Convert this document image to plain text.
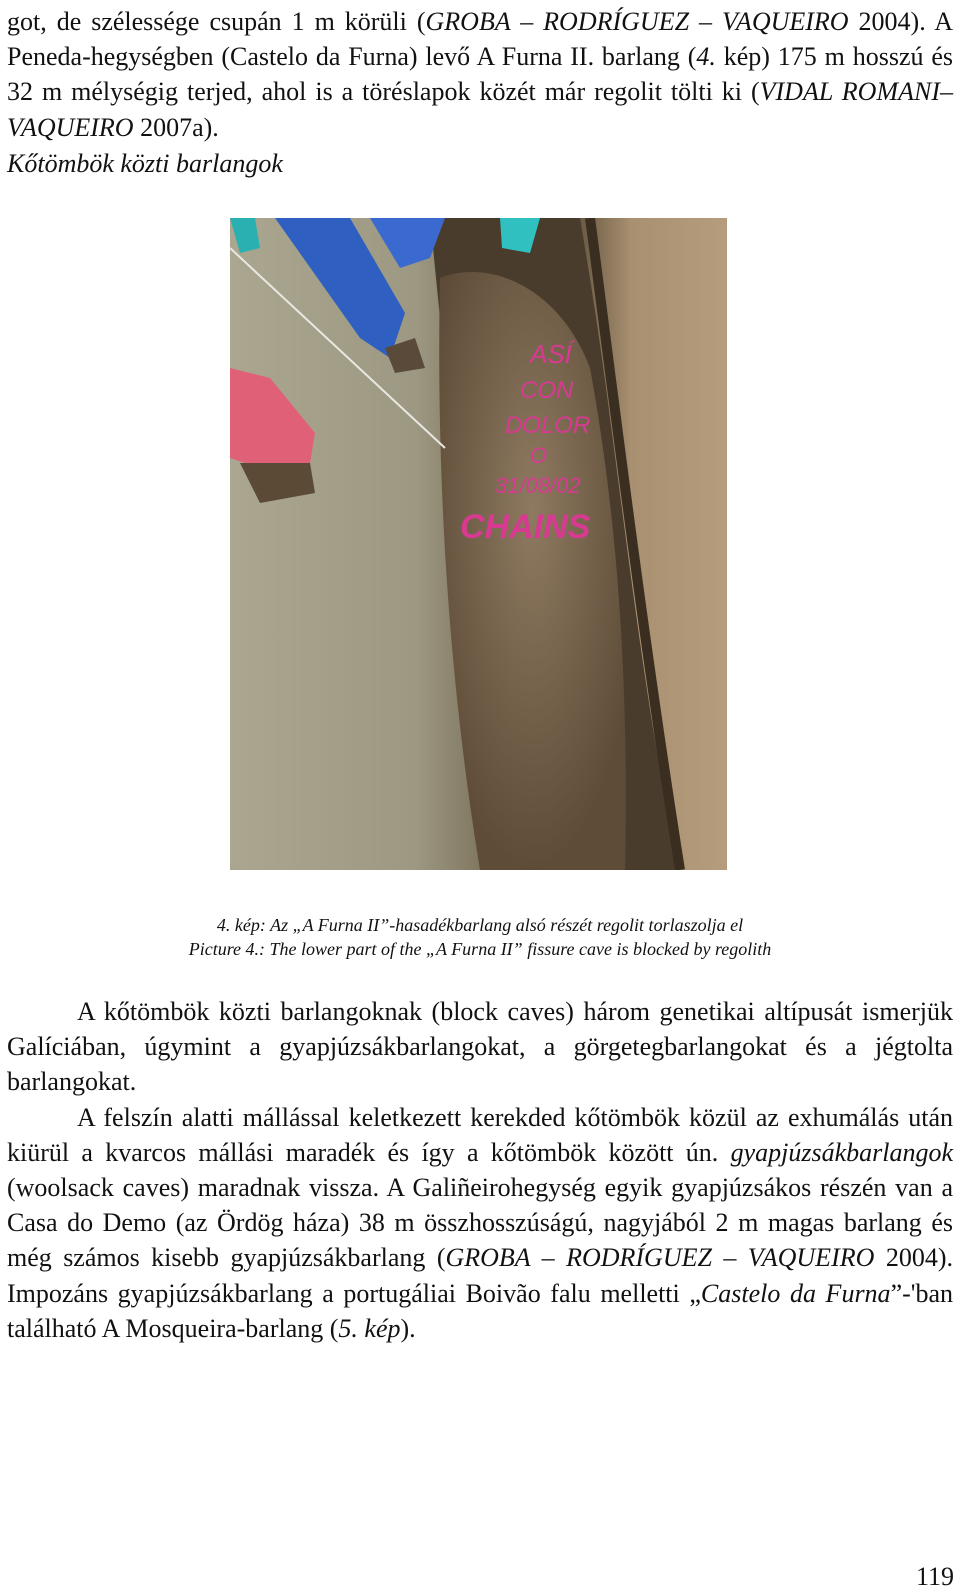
got, de szélessége csupán 1 m körüli (GROBA – RODRÍGUEZ – VAQUEIRO 2004). A Peneda-hegységben (Castelo da Furna) levő A Furna II. barlang (4. kép) 175 m hosszú és 32 m mélységig terjed, ahol is a töréslapok közét már regolit tölti ki (VIDAL ROMANI–VAQUEIRO 2007a).

Kőtömbök közti barlangok
ASÍ
CON
DOLOR
O
31/08/02
CHAINS
4. kép: Az „A Furna II”-hasadékbarlang alsó részét regolit torlaszolja el
Picture 4.: The lower part of the „A Furna II” fissure cave is blocked by regolith

A kőtömbök közti barlangoknak (block caves) három genetikai altípusát ismerjük Galíciában, úgymint a gyapjúzsákbarlangokat, a görgetegbarlangokat és a jégtolta barlangokat.

A felszín alatti mállással keletkezett kerekded kőtömbök közül az exhumálás után kiürül a kvarcos mállási maradék és így a kőtömbök között ún. gyapjúzsákbarlangok (woolsack caves) maradnak vissza. A Galiñeirohegység egyik gyapjúzsákos részén van a Casa do Demo (az Ördög háza) 38 m összhosszúságú, nagyjából 2 m magas barlang és még számos kisebb gyapjúzsákbarlang (GROBA – RODRÍGUEZ – VAQUEIRO 2004). Impozáns gyapjúzsákbarlang a portugáliai Boivão falu melletti „Castelo da Furna”-'ban található A Mosqueira-barlang (5. kép).

119
